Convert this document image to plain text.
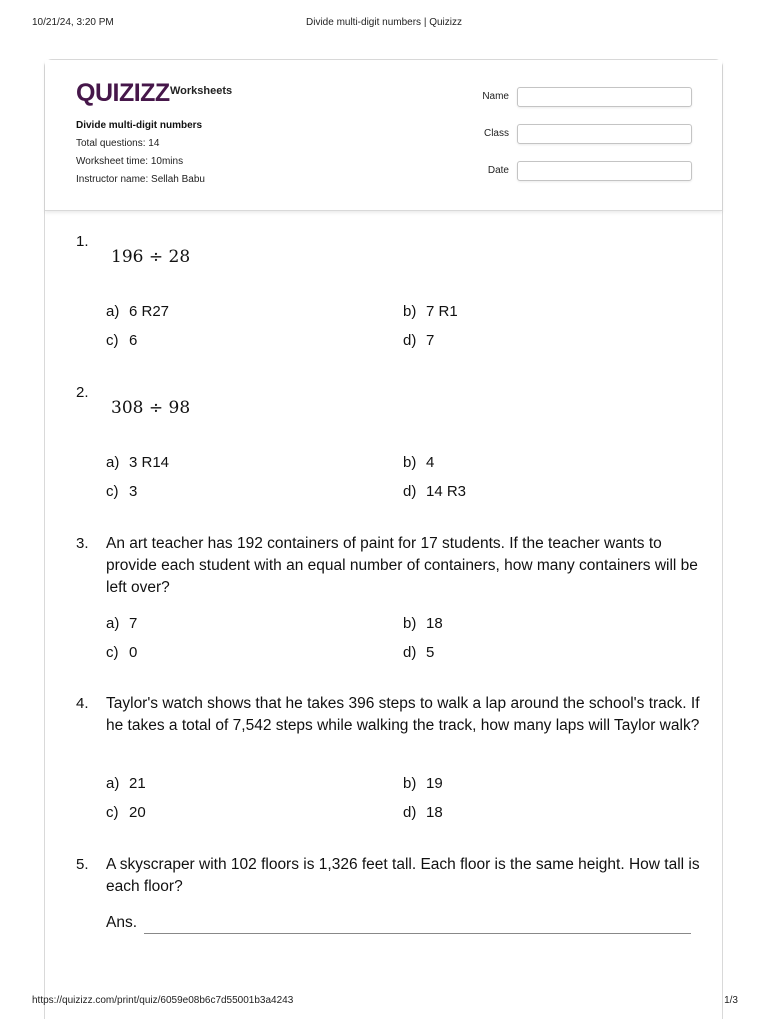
10/21/24, 3:20 PM	Divide multi-digit numbers | Quizizz
QUIZIZZ Worksheets
Divide multi-digit numbers
Total questions: 14
Worksheet time: 10mins
Instructor name: Sellah Babu
Name
Class
Date
1.
196 ÷ 28
a) 6 R27	b) 7 R1
c) 6	d) 7
2.
308 ÷ 98
a) 3 R14	b) 4
c) 3	d) 14 R3
3. An art teacher has 192 containers of paint for 17 students. If the teacher wants to provide each student with an equal number of containers, how many containers will be left over?
a) 7	b) 18
c) 0	d) 5
4. Taylor's watch shows that he takes 396 steps to walk a lap around the school's track. If he takes a total of 7,542 steps while walking the track, how many laps will Taylor walk?
a) 21	b) 19
c) 20	d) 18
5. A skyscraper with 102 floors is 1,326 feet tall. Each floor is the same height. How tall is each floor?
Ans.
https://quizizz.com/print/quiz/6059e08b6c7d55001b3a4243	1/3
